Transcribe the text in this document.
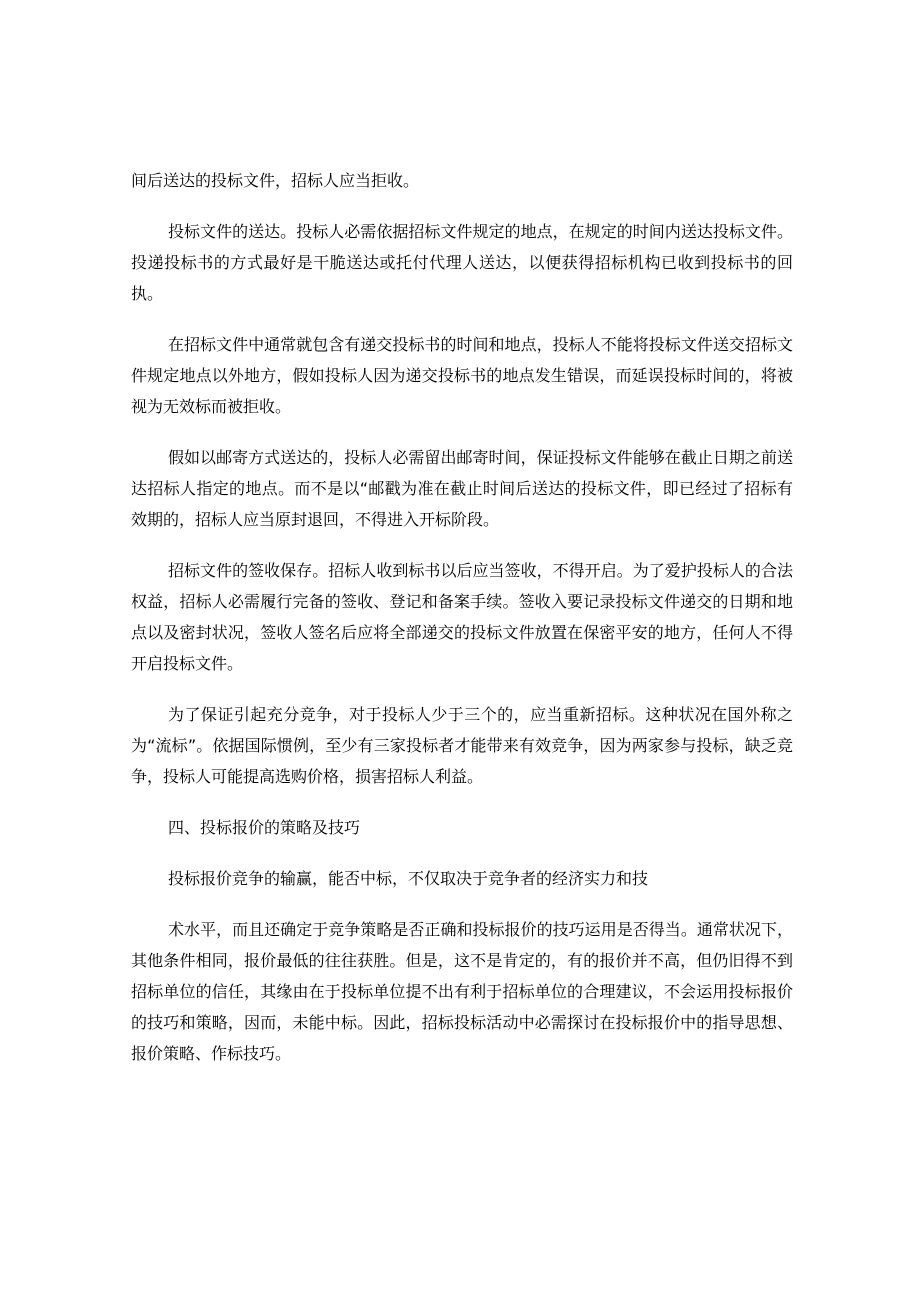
间后送达的投标文件，招标人应当拒收。

投标文件的送达。投标人必需依据招标文件规定的地点，在规定的时间内送达投标文件。投递投标书的方式最好是干脆送达或托付代理人送达，以便获得招标机构已收到投标书的回执。

在招标文件中通常就包含有递交投标书的时间和地点，投标人不能将投标文件送交招标文件规定地点以外地方，假如投标人因为递交投标书的地点发生错误，而延误投标时间的，将被视为无效标而被拒收。

假如以邮寄方式送达的，投标人必需留出邮寄时间，保证投标文件能够在截止日期之前送达招标人指定的地点。而不是以“邮戳为准在截止时间后送达的投标文件，即已经过了招标有效期的，招标人应当原封退回，不得进入开标阶段。

招标文件的签收保存。招标人收到标书以后应当签收，不得开启。为了爱护投标人的合法权益，招标人必需履行完备的签收、登记和备案手续。签收入要记录投标文件递交的日期和地点以及密封状况，签收人签名后应将全部递交的投标文件放置在保密平安的地方，任何人不得开启投标文件。

为了保证引起充分竞争，对于投标人少于三个的，应当重新招标。这种状况在国外称之为“流标”。依据国际惯例，至少有三家投标者才能带来有效竞争，因为两家参与投标，缺乏竞争，投标人可能提高选购价格，损害招标人利益。

四、投标报价的策略及技巧

投标报价竞争的输赢，能否中标，不仅取决于竞争者的经济实力和技

术水平，而且还确定于竞争策略是否正确和投标报价的技巧运用是否得当。通常状况下，其他条件相同，报价最低的往往获胜。但是，这不是肯定的，有的报价并不高，但仍旧得不到招标单位的信任，其缘由在于投标单位提不出有利于招标单位的合理建议，不会运用投标报价的技巧和策略，因而，未能中标。因此，招标投标活动中必需探讨在投标报价中的指导思想、报价策略、作标技巧。
